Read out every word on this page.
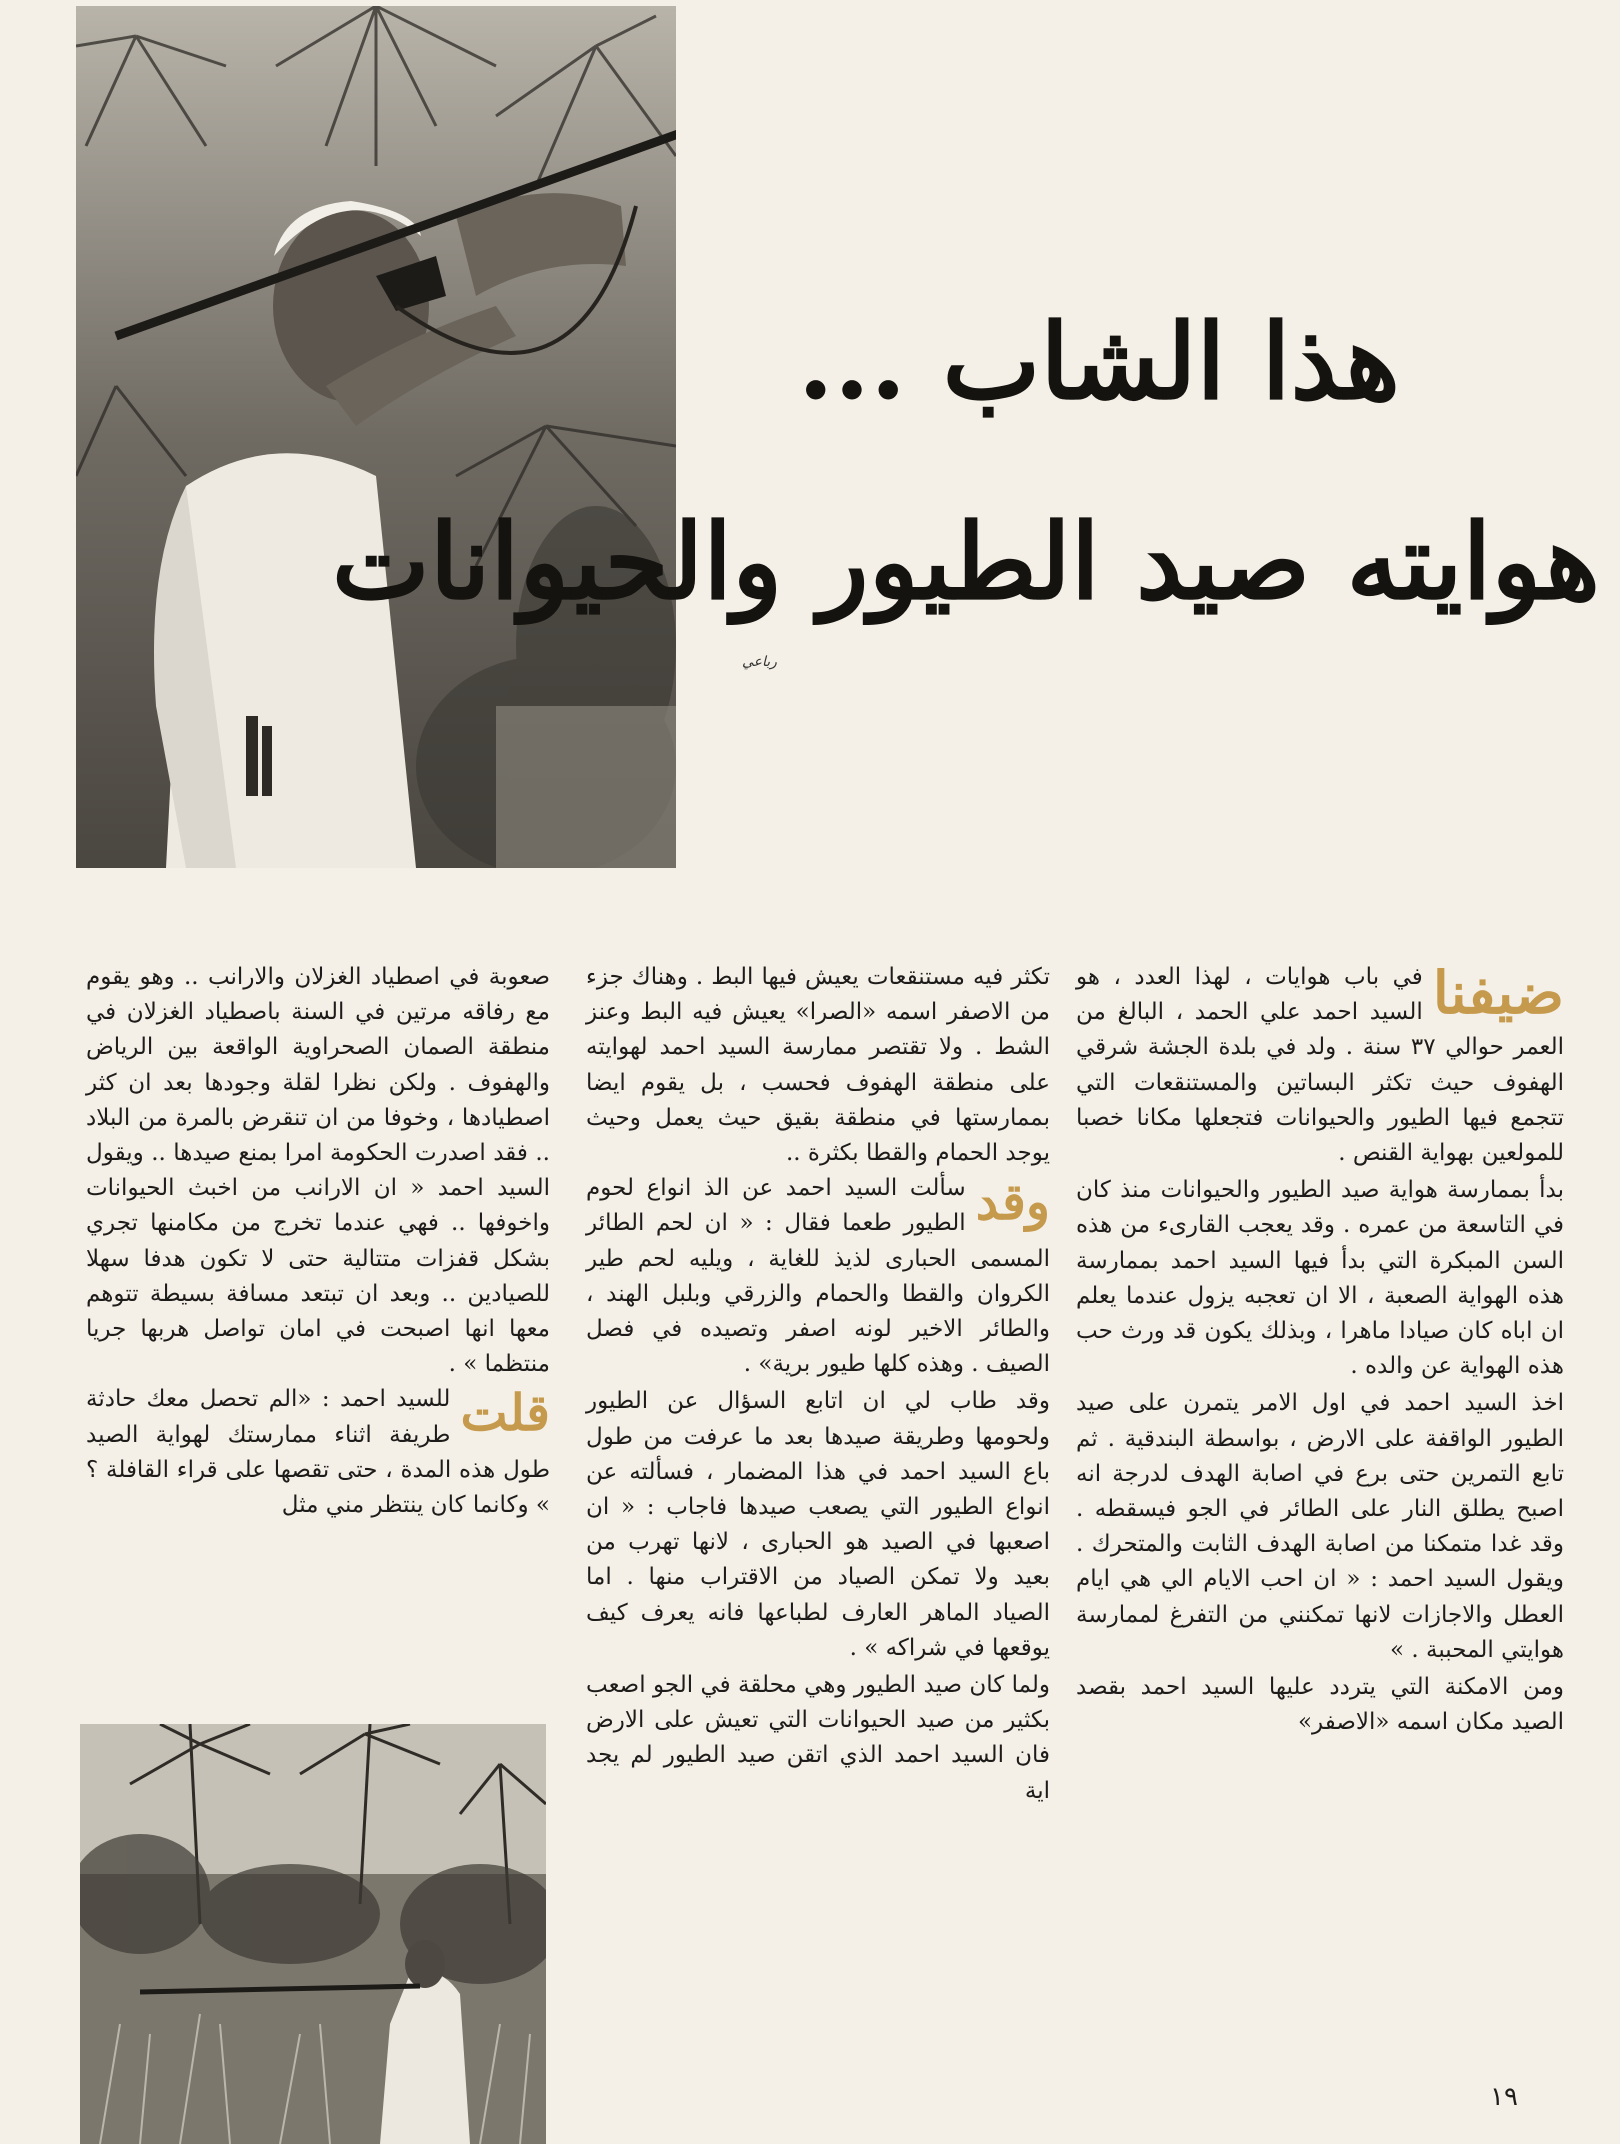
هذا الشاب ...
هوايته صيد الطيور والحيوانات
رباعي
ضيفنا

في باب هوايات ، لهذا العدد ، هو السيد احمد علي الحمد ، البالغ من العمر حوالي ٣٧ سنة . ولد في بلدة الجشة شرقي الهفوف حيث تكثر البساتين والمستنقعات التي تتجمع فيها الطيور والحيوانات فتجعلها مكانا خصبا للمولعين بهواية القنص .

بدأ بممارسة هواية صيد الطيور والحيوانات منذ كان في التاسعة من عمره . وقد يعجب القارىء من هذه السن المبكرة التي بدأ فيها السيد احمد بممارسة هذه الهواية الصعبة ، الا ان تعجبه يزول عندما يعلم ان اباه كان صيادا ماهرا ، وبذلك يكون قد ورث حب هذه الهواية عن والده .

اخذ السيد احمد في اول الامر يتمرن على صيد الطيور الواقفة على الارض ، بواسطة البندقية . ثم تابع التمرين حتى برع في اصابة الهدف لدرجة انه اصبح يطلق النار على الطائر في الجو فيسقطه . وقد غدا متمكنا من اصابة الهدف الثابت والمتحرك . ويقول السيد احمد : « ان احب الايام الي هي ايام العطل والاجازات لانها تمكنني من التفرغ لممارسة هوايتي المحببة . »

ومن الامكنة التي يتردد عليها السيد احمد بقصد الصيد مكان اسمه «الاصفر»

تكثر فيه مستنقعات يعيش فيها البط . وهناك جزء من الاصفر اسمه «الصرا» يعيش فيه البط وعنز الشط . ولا تقتصر ممارسة السيد احمد لهوايته على منطقة الهفوف فحسب ، بل يقوم ايضا بممارستها في منطقة بقيق حيث يعمل وحيث يوجد الحمام والقطا بكثرة ..

وقد

سألت السيد احمد عن الذ انواع لحوم الطيور طعما فقال : « ان لحم الطائر المسمى الحبارى لذيذ للغاية ، ويليه لحم طير الكروان والقطا والحمام والزرقي وبلبل الهند ، والطائر الاخير لونه اصفر وتصيده في فصل الصيف . وهذه كلها طيور برية» .

وقد طاب لي ان اتابع السؤال عن الطيور ولحومها وطريقة صيدها بعد ما عرفت من طول باع السيد احمد في هذا المضمار ، فسألته عن انواع الطيور التي يصعب صيدها فاجاب : « ان اصعبها في الصيد هو الحبارى ، لانها تهرب من بعيد ولا تمكن الصياد من الاقتراب منها . اما الصياد الماهر العارف لطباعها فانه يعرف كيف يوقعها في شراكه » .

ولما كان صيد الطيور وهي محلقة في الجو اصعب بكثير من صيد الحيوانات التي تعيش على الارض فان السيد احمد الذي اتقن صيد الطيور لم يجد اية

صعوبة في اصطياد الغزلان والارانب .. وهو يقوم مع رفاقه مرتين في السنة باصطياد الغزلان في منطقة الصمان الصحراوية الواقعة بين الرياض والهفوف . ولكن نظرا لقلة وجودها بعد ان كثر اصطيادها ، وخوفا من ان تنقرض بالمرة من البلاد .. فقد اصدرت الحكومة امرا بمنع صيدها .. ويقول السيد احمد « ان الارانب من اخبث الحيوانات واخوفها .. فهي عندما تخرج من مكامنها تجري بشكل قفزات متتالية حتى لا تكون هدفا سهلا للصيادين .. وبعد ان تبتعد مسافة بسيطة تتوهم معها انها اصبحت في امان تواصل هربها جريا منتظما » .

قلت

للسيد احمد : «الم تحصل معك حادثة طريفة اثناء ممارستك لهواية الصيد طول هذه المدة ، حتى تقصها على قراء القافلة ؟ » وكانما كان ينتظر مني مثل

١٩
